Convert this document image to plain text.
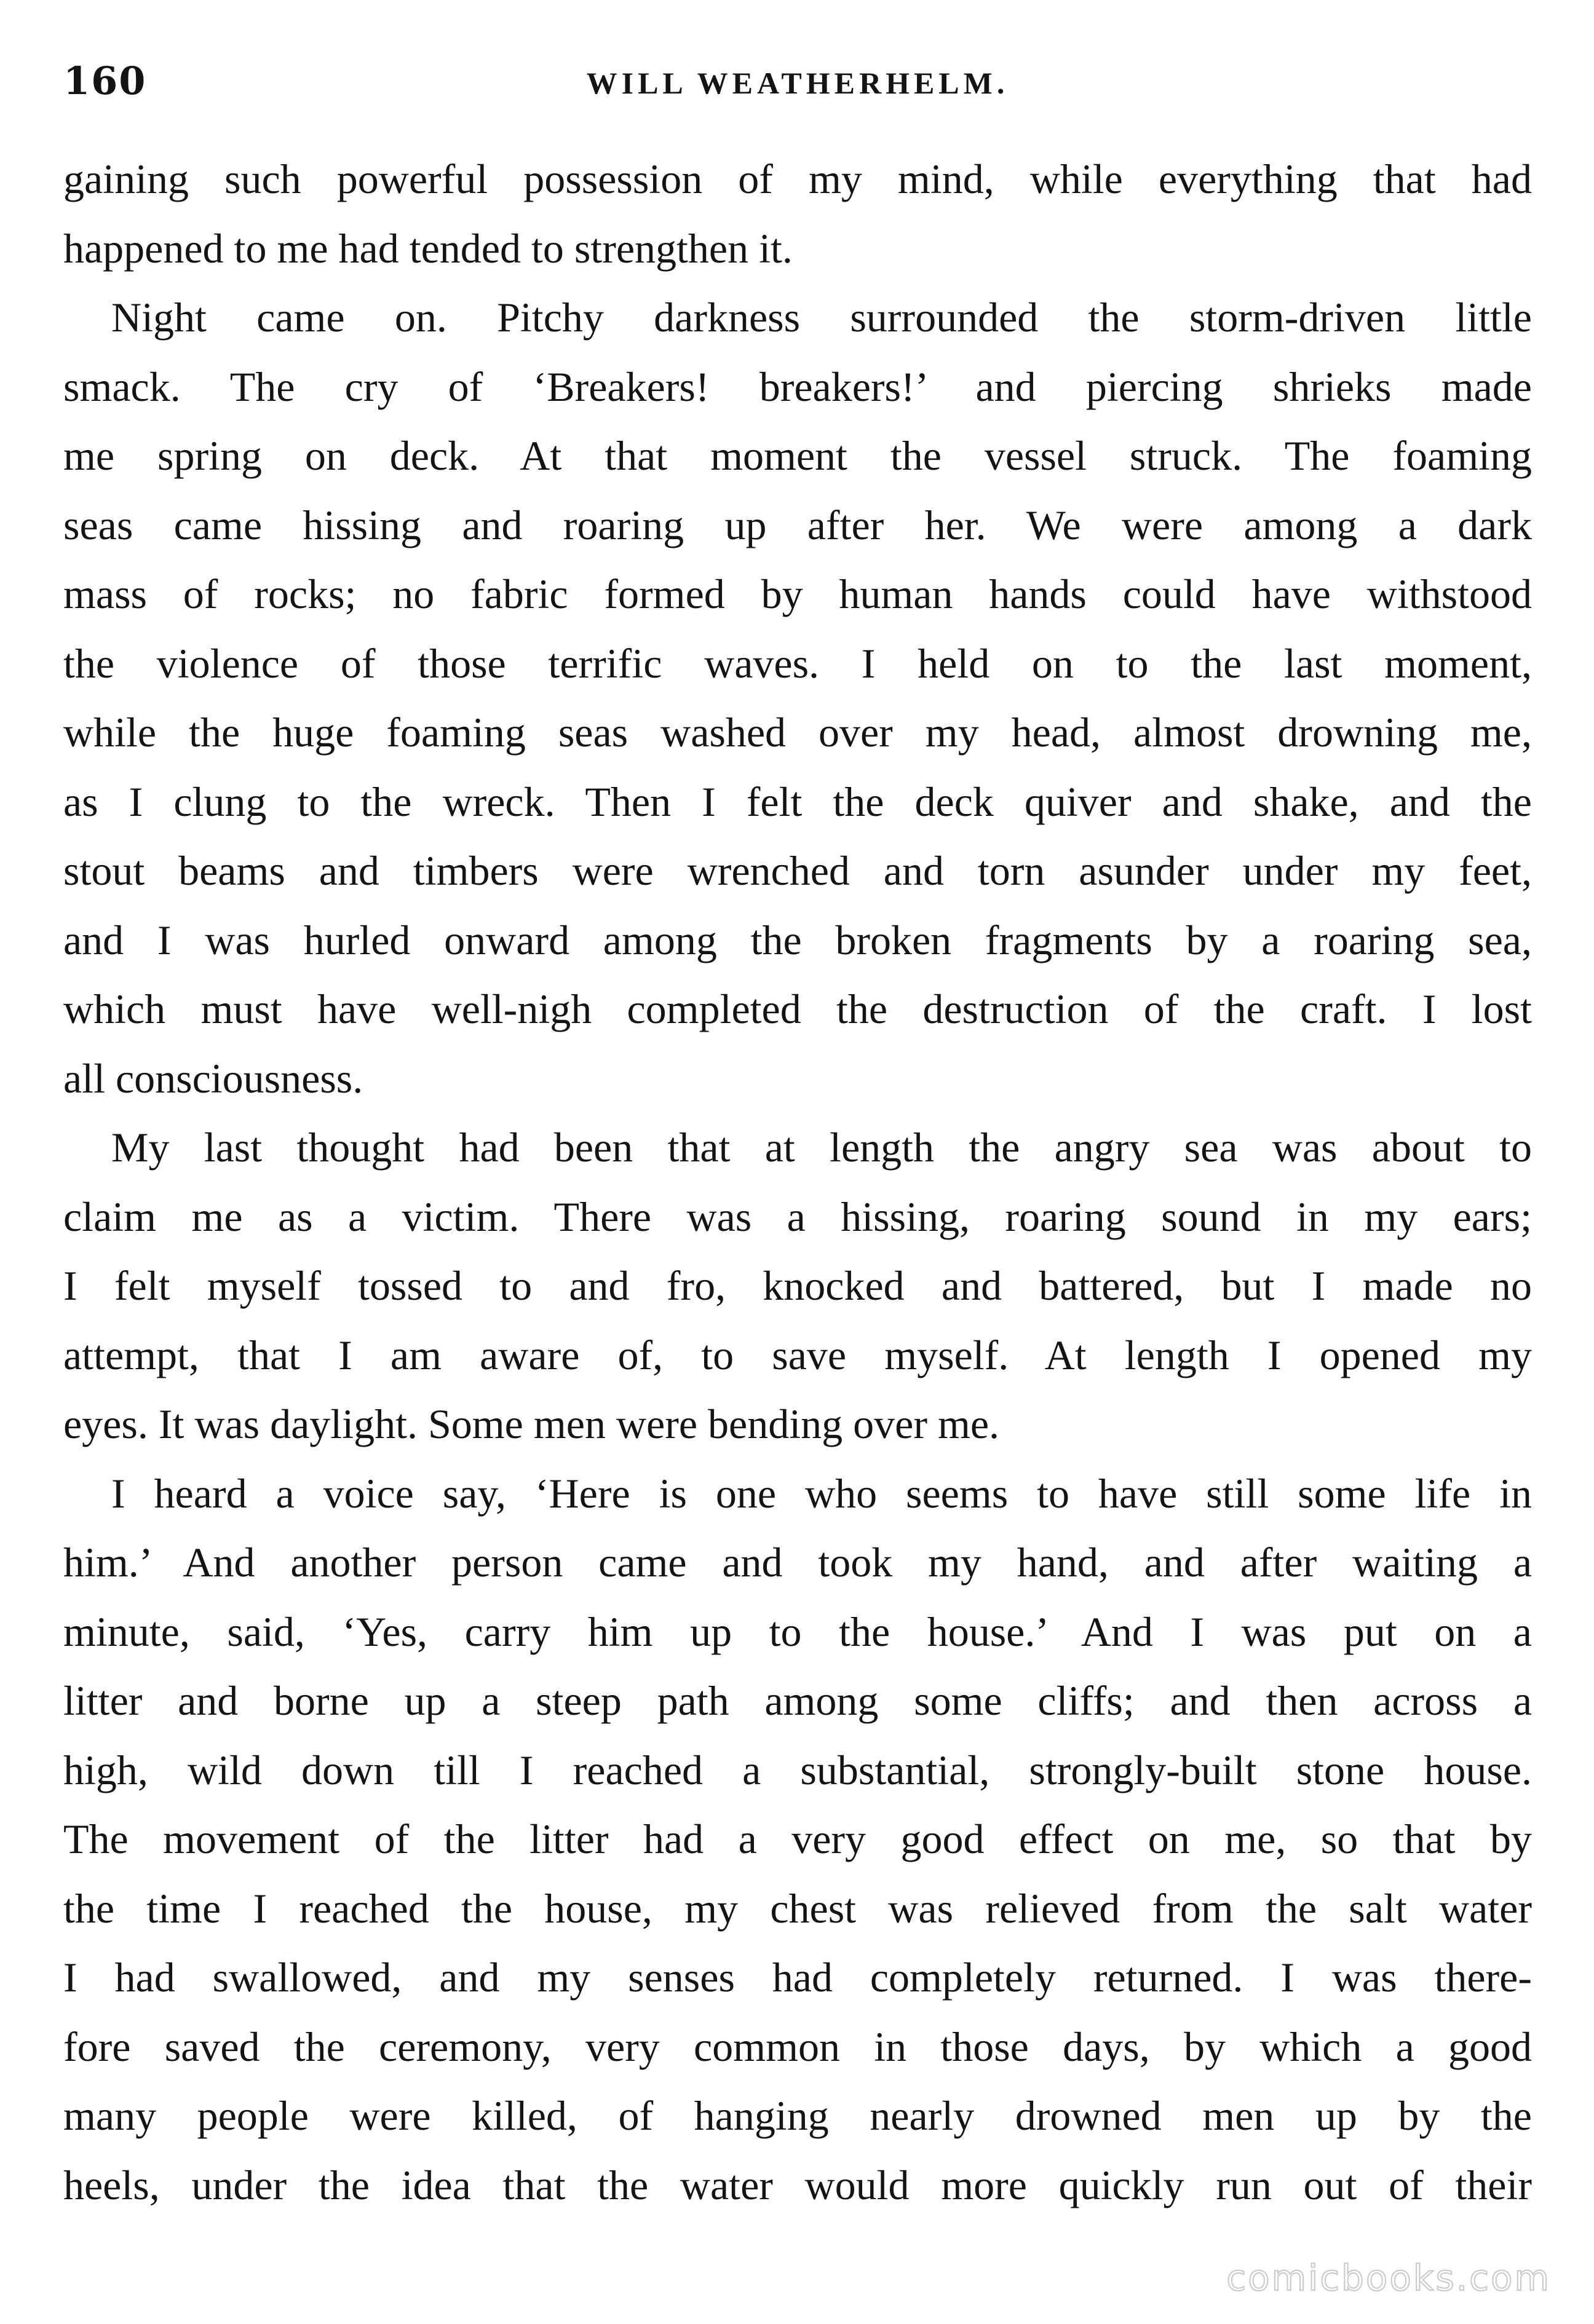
160	WILL WEATHERHELM.
gaining such powerful possession of my mind, while everything that had
happened to me had tended to strengthen it.
Night came on. Pitchy darkness surrounded the storm-driven little
smack. The cry of ‘Breakers! breakers!’ and piercing shrieks made
me spring on deck. At that moment the vessel struck. The foaming
seas came hissing and roaring up after her. We were among a dark
mass of rocks; no fabric formed by human hands could have withstood
the violence of those terrific waves. I held on to the last moment,
while the huge foaming seas washed over my head, almost drowning me,
as I clung to the wreck. Then I felt the deck quiver and shake, and the
stout beams and timbers were wrenched and torn asunder under my feet,
and I was hurled onward among the broken fragments by a roaring sea,
which must have well-nigh completed the destruction of the craft. I lost
all consciousness.
My last thought had been that at length the angry sea was about to
claim me as a victim. There was a hissing, roaring sound in my ears;
I felt myself tossed to and fro, knocked and battered, but I made no
attempt, that I am aware of, to save myself. At length I opened my
eyes. It was daylight. Some men were bending over me.
I heard a voice say, ‘Here is one who seems to have still some life in
him.’ And another person came and took my hand, and after waiting a
minute, said, ‘Yes, carry him up to the house.’ And I was put on a
litter and borne up a steep path among some cliffs; and then across a
high, wild down till I reached a substantial, strongly-built stone house.
The movement of the litter had a very good effect on me, so that by
the time I reached the house, my chest was relieved from the salt water
I had swallowed, and my senses had completely returned. I was there-
fore saved the ceremony, very common in those days, by which a good
many people were killed, of hanging nearly drowned men up by the
heels, under the idea that the water would more quickly run out of their
comicbooks.com
